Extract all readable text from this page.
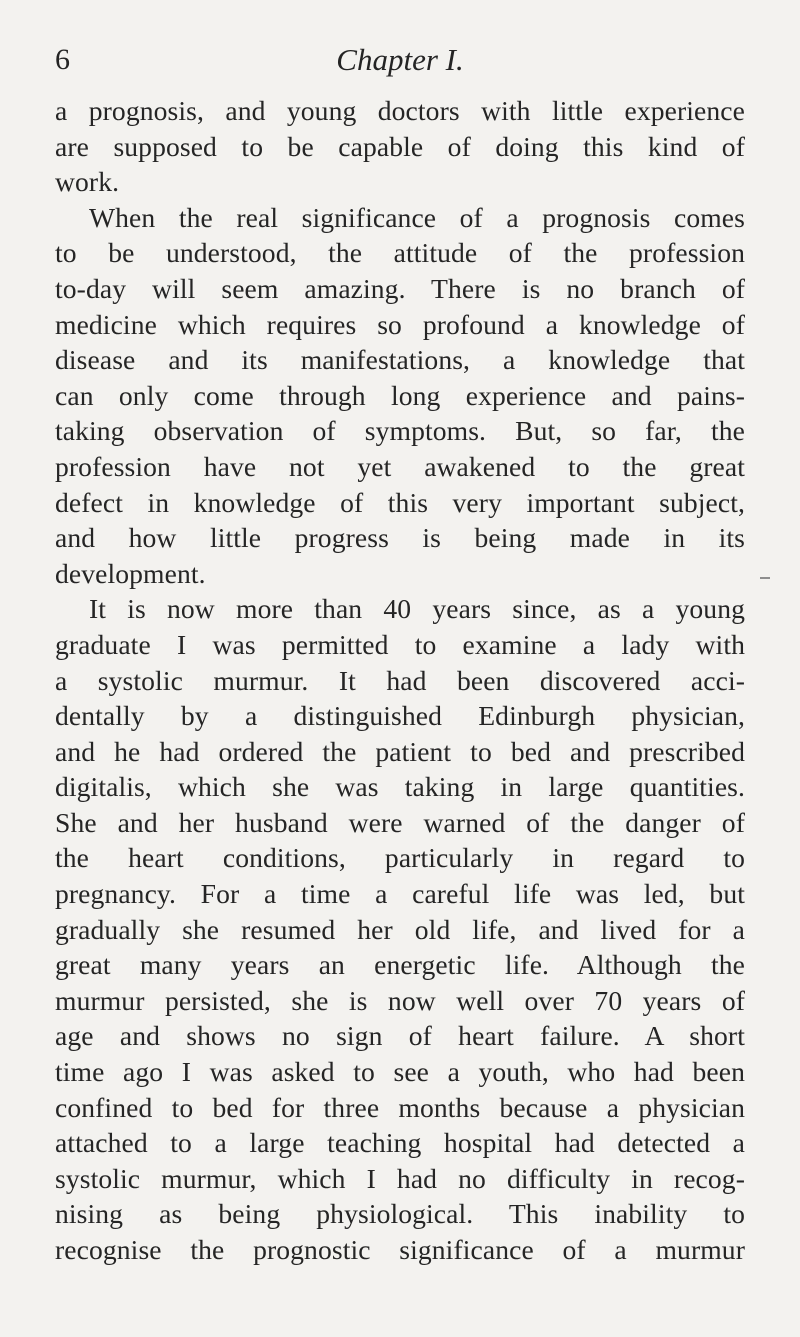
6	Chapter I.
a prognosis, and young doctors with little experience
are supposed to be capable of doing this kind of
work.
When the real significance of a prognosis comes
to be understood, the attitude of the profession
to-day will seem amazing. There is no branch of
medicine which requires so profound a knowledge of
disease and its manifestations, a knowledge that
can only come through long experience and pains-
taking observation of symptoms. But, so far, the
profession have not yet awakened to the great
defect in knowledge of this very important subject,
and how little progress is being made in its
development.
It is now more than 40 years since, as a young
graduate I was permitted to examine a lady with
a systolic murmur. It had been discovered acci-
dentally by a distinguished Edinburgh physician,
and he had ordered the patient to bed and prescribed
digitalis, which she was taking in large quantities.
She and her husband were warned of the danger of
the heart conditions, particularly in regard to
pregnancy. For a time a careful life was led, but
gradually she resumed her old life, and lived for a
great many years an energetic life. Although the
murmur persisted, she is now well over 70 years of
age and shows no sign of heart failure. A short
time ago I was asked to see a youth, who had been
confined to bed for three months because a physician
attached to a large teaching hospital had detected a
systolic murmur, which I had no difficulty in recog-
nising as being physiological. This inability to
recognise the prognostic significance of a murmur
